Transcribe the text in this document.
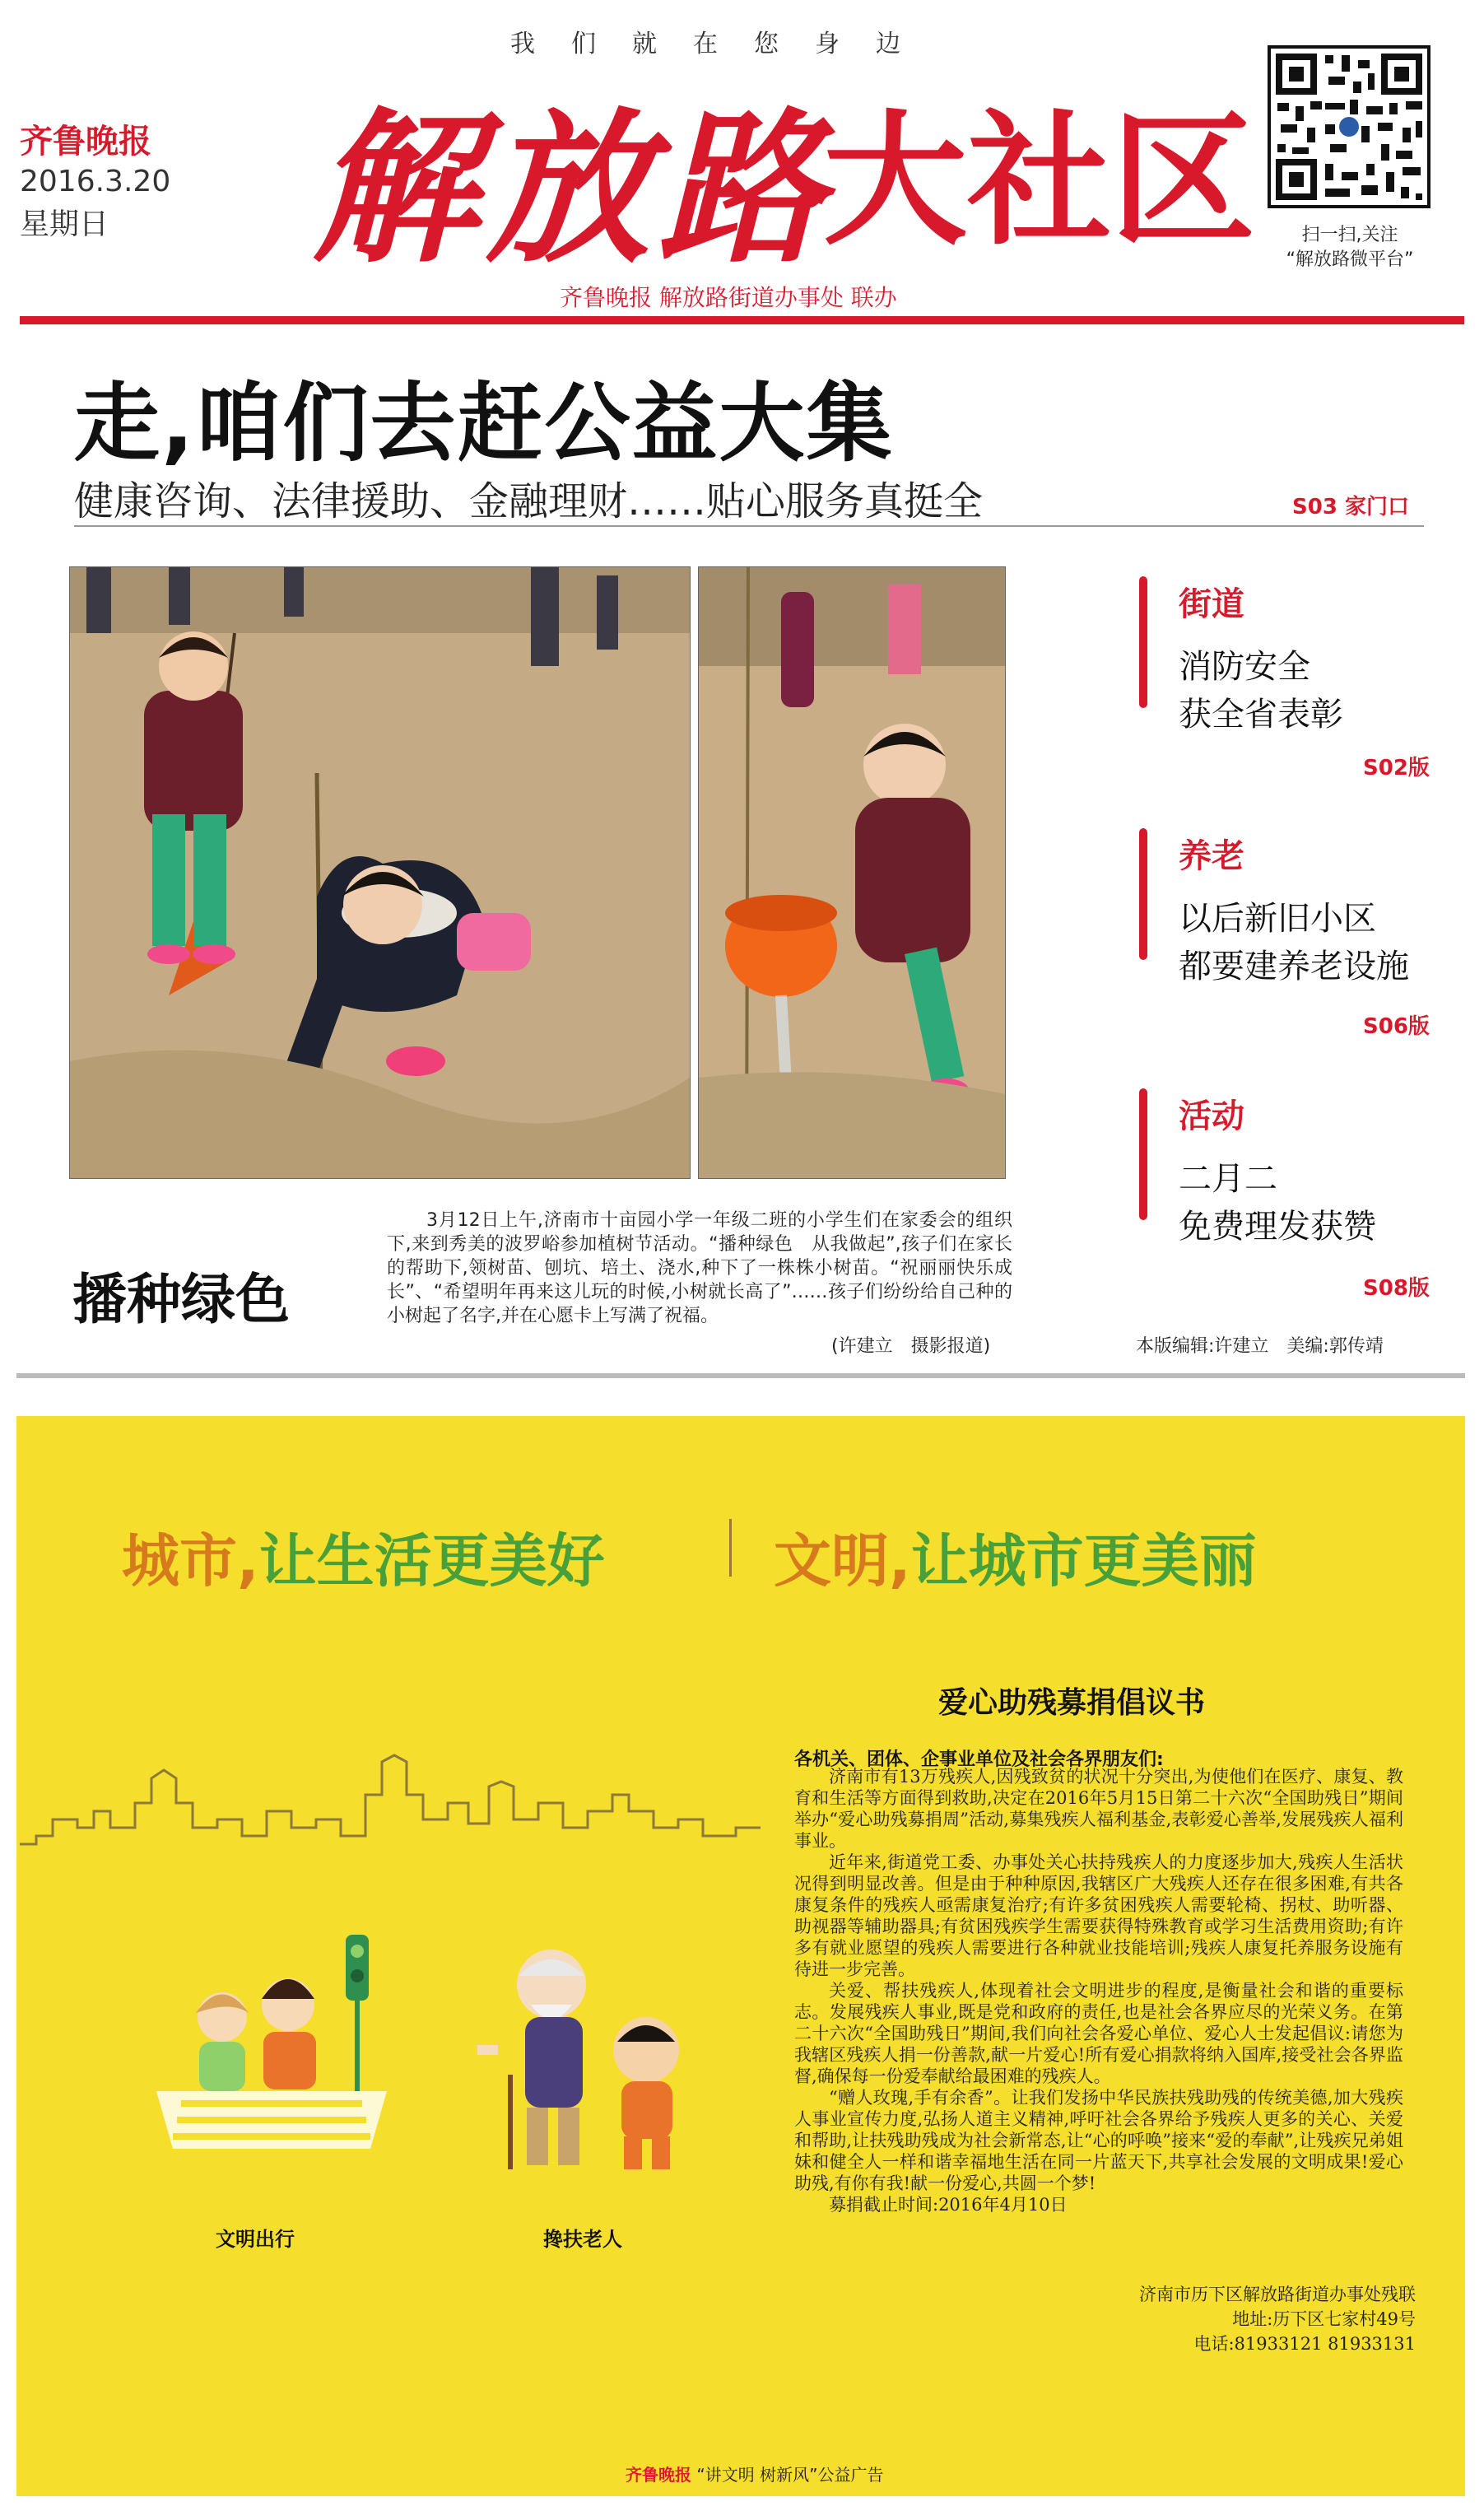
我们就在您身边
齐鲁晚报
2016.3.20
星期日 解放路
大社区
齐鲁晚报 解放路街道办事处 联办
扫一扫,关注
“解放路微平台”
走,咱们去赶公益大集
健康咨询、法律援助、金融理财……贴心服务真挺全	S03 家门口
播种绿色
3月12日上午,济南市十亩园小学一年级二班的小学生们在家委会的组织下,来到秀美的波罗峪参加植树节活动。“播种绿色　从我做起”,孩子们在家长的帮助下,领树苗、刨坑、培土、浇水,种下了一株株小树苗。“祝丽丽快乐成长”、“希望明年再来这儿玩的时候,小树就长高了”……孩子们纷纷给自己种的小树起了名字,并在心愿卡上写满了祝福。
(许建立　摄影报道)
街道
消防安全
获全省表彰
S02版
养老
以后新旧小区
都要建养老设施
S06版
活动
二月二
免费理发获赞
S08版
本版编辑:许建立　美编:郭传靖
城市,让生活更美好	文明,让城市更美丽
文明出行	搀扶老人
爱心助残募捐倡议书
各机关、团体、企事业单位及社会各界朋友们:

济南市有13万残疾人,因残致贫的状况十分突出,为使他们在医疗、康复、教育和生活等方面得到救助,决定在2016年5月15日第二十六次“全国助残日”期间举办“爱心助残募捐周”活动,募集残疾人福利基金,表彰爱心善举,发展残疾人福利事业。

近年来,街道党工委、办事处关心扶持残疾人的力度逐步加大,残疾人生活状况得到明显改善。但是由于种种原因,我辖区广大残疾人还存在很多困难,有共各康复条件的残疾人亟需康复治疗;有许多贫困残疾人需要轮椅、拐杖、助听器、助视器等辅助器具;有贫困残疾学生需要获得特殊教育或学习生活费用资助;有许多有就业愿望的残疾人需要进行各种就业技能培训;残疾人康复托养服务设施有待进一步完善。

关爱、帮扶残疾人,体现着社会文明进步的程度,是衡量社会和谐的重要标志。发展残疾人事业,既是党和政府的责任,也是社会各界应尽的光荣义务。在第二十六次“全国助残日”期间,我们向社会各爱心单位、爱心人士发起倡议:请您为我辖区残疾人捐一份善款,献一片爱心!所有爱心捐款将纳入国库,接受社会各界监督,确保每一份爱奉献给最困难的残疾人。

“赠人玫瑰,手有余香”。让我们发扬中华民族扶残助残的传统美德,加大残疾人事业宣传力度,弘扬人道主义精神,呼吁社会各界给予残疾人更多的关心、关爱和帮助,让扶残助残成为社会新常态,让“心的呼唤”接来“爱的奉献”,让残疾兄弟姐妹和健全人一样和谐幸福地生活在同一片蓝天下,共享社会发展的文明成果!爱心助残,有你有我!献一份爱心,共圆一个梦!

募捐截止时间:2016年4月10日

济南市历下区解放路街道办事处残联
地址:历下区七家村49号
电话:81933121 81933131
齐鲁晚报 “讲文明 树新风”公益广告
